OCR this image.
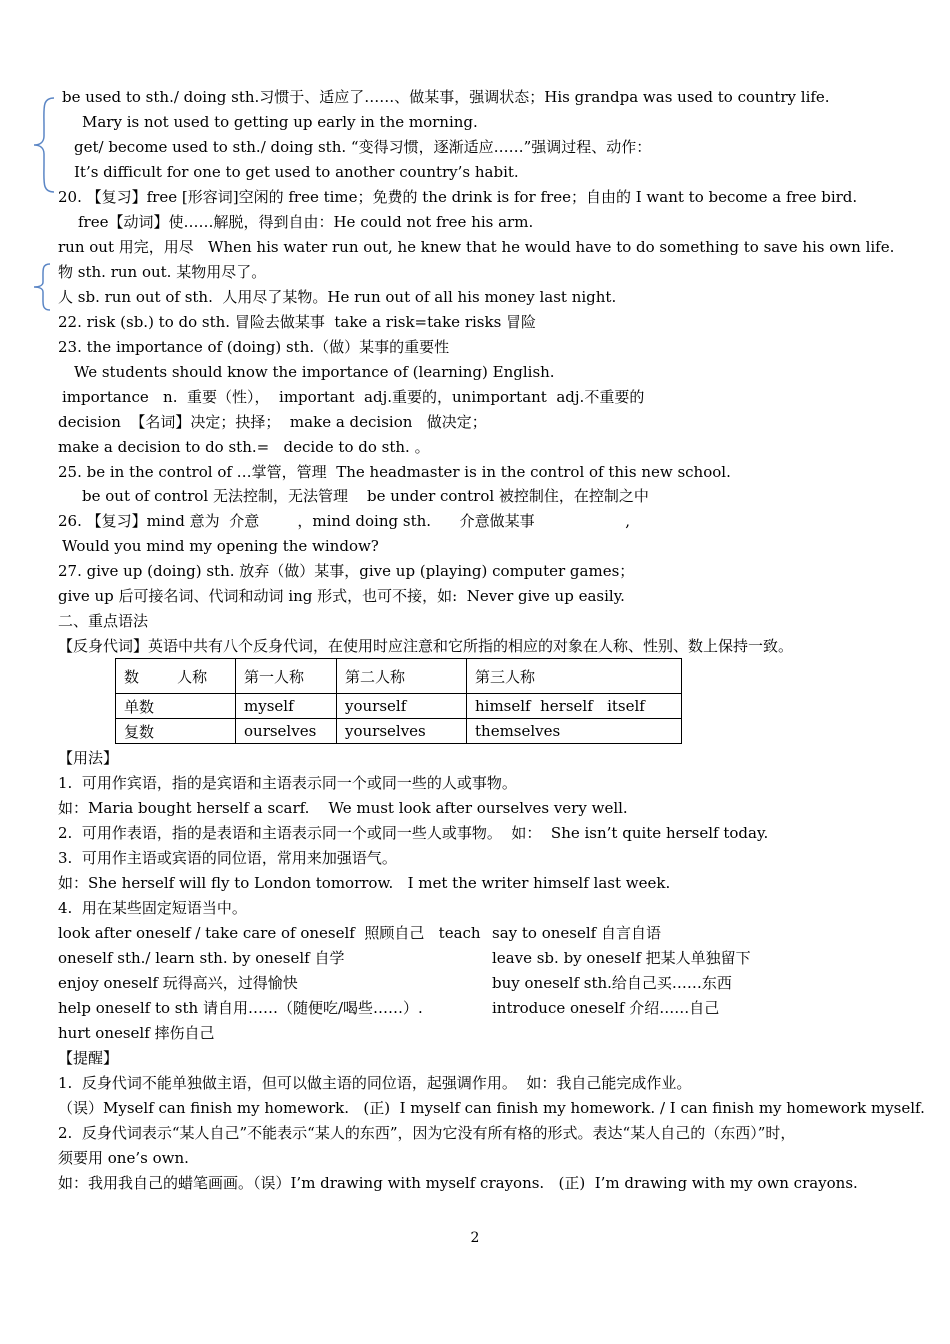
be used to sth./ doing sth.习惯于、适应了……、做某事，强调状态；His grandpa was used to country life.
Mary is not used to getting up early in the morning.
get/ become used to sth./ doing sth. “变得习惯，逐渐适应……”强调过程、动作：
It’s difficult for one to get used to another country’s habit.
20. 【复习】free [形容词]空闲的 free time；免费的 the drink is for free；自由的 I want to become a free bird.
free【动词】使……解脱，得到自由：He could not free his arm.
run out 用完，用尽   When his water run out, he knew that he would have to do something to save his own life.
物 sth. run out. 某物用尽了。
人 sb. run out of sth.  人用尽了某物。He run out of all his money last night.
22. risk (sb.) to do sth. 冒险去做某事  take a risk=take risks 冒险
23. the importance of (doing) sth.（做）某事的重要性
We students should know the importance of (learning) English.
importance   n.  重要（性），  important  adj.重要的，unimportant  adj.不重要的
decision  【名词】决定；抉择；  make a decision   做决定；
make a decision to do sth.=   decide to do sth. 。
25. be in the control of …掌管，管理  The headmaster is in the control of this new school.
be out of control 无法控制，无法管理    be under control 被控制住，在控制之中
26. 【复习】mind 意为  介意        ，mind doing sth.      介意做某事                   ,
Would you mind my opening the window?
27. give up (doing) sth. 放弃（做）某事，give up (playing) computer games；
give up 后可接名词、代词和动词 ing 形式，也可不接，如:  Never give up easily.
二、重点语法
【反身代词】英语中共有八个反身代词，在使用时应注意和它所指的相应的对象在人称、性别、数上保持一致。
数        人称	第一人称	第二人称	第三人称
单数	myself	yourself	himself  herself   itself
复数	ourselves	yourselves	themselves
【用法】
1.  可用作宾语，指的是宾语和主语表示同一个或同一些的人或事物。
如：Maria bought herself a scarf.    We must look after ourselves very well.
2.  可用作表语，指的是表语和主语表示同一个或同一些人或事物。  如：  She isn’t quite herself today.
3.  可用作主语或宾语的同位语，常用来加强语气。
如：She herself will fly to London tomorrow.   I met the writer himself last week.
4.  用在某些固定短语当中。
look after oneself / take care of oneself  照顾自己   teach say to oneself 自言自语
oneself sth./ learn sth. by oneself 自学	leave sb. by oneself 把某人单独留下
enjoy oneself 玩得高兴，过得愉快	buy oneself sth.给自己买……东西
help oneself to sth 请自用……（随便吃/喝些……）.	introduce oneself 介绍……自己
hurt oneself 摔伤自己
【提醒】
1.  反身代词不能单独做主语，但可以做主语的同位语，起强调作用。  如：我自己能完成作业。
（误）Myself can finish my homework.   (正)  I myself can finish my homework. / I can finish my homework myself.
2.  反身代词表示“某人自己”不能表示“某人的东西”，因为它没有所有格的形式。表达“某人自己的（东西）”时，
须要用 one’s own.
如：我用我自己的蜡笔画画。（误）I’m drawing with myself crayons.   (正)  I’m drawing with my own crayons.
2
